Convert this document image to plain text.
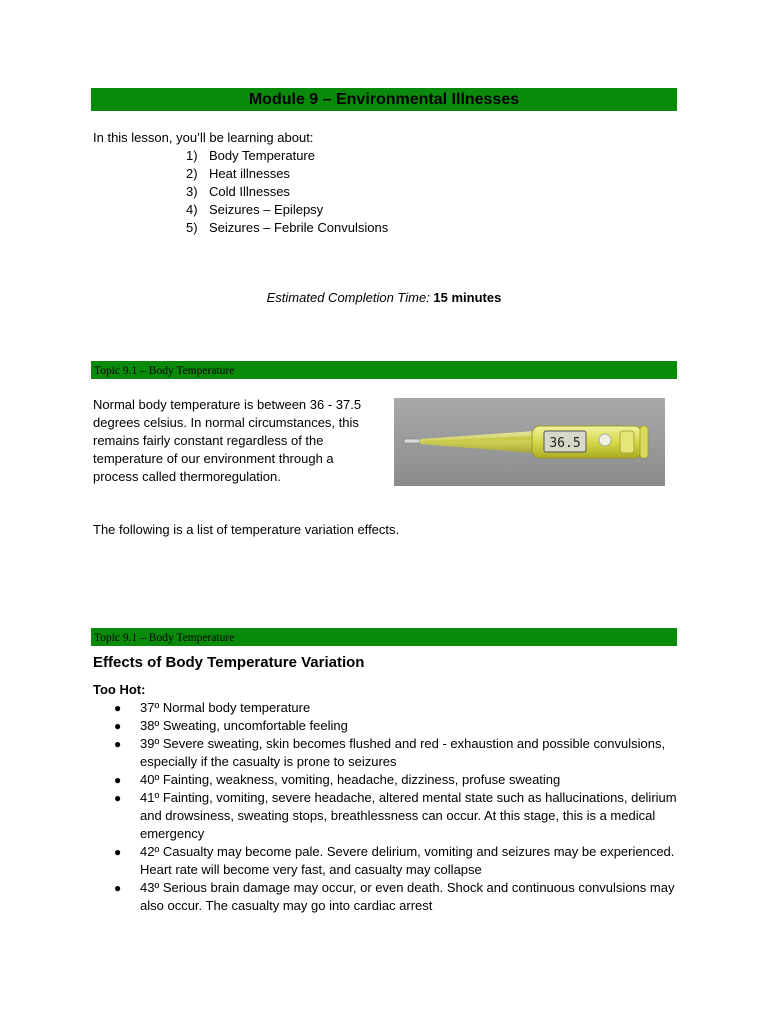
Module 9 – Environmental Illnesses
In this lesson, you’ll be learning about:
1) Body Temperature
2) Heat illnesses
3) Cold Illnesses
4) Seizures – Epilepsy
5) Seizures – Febrile Convulsions
Estimated Completion Time: 15 minutes
Topic 9.1 – Body Temperature
Normal body temperature is between 36 - 37.5 degrees celsius. In normal circumstances, this remains fairly constant regardless of the temperature of our environment through a process called thermoregulation.
36.5
The following is a list of temperature variation effects.
Topic 9.1 – Body Temperature
Effects of Body Temperature Variation
Too Hot:
●	37º Normal body temperature
●	38º Sweating, uncomfortable feeling
●	39º Severe sweating, skin becomes flushed and red - exhaustion and possible convulsions, especially if the casualty is prone to seizures
●	40º Fainting, weakness, vomiting, headache, dizziness, profuse sweating
●	41º Fainting, vomiting, severe headache, altered mental state such as hallucinations, delirium and drowsiness, sweating stops, breathlessness can occur. At this stage, this is a medical emergency
●	42º Casualty may become pale. Severe delirium, vomiting and seizures may be experienced. Heart rate will become very fast, and casualty may collapse
●	43º Serious brain damage may occur, or even death. Shock and continuous convulsions may also occur. The casualty may go into cardiac arrest
